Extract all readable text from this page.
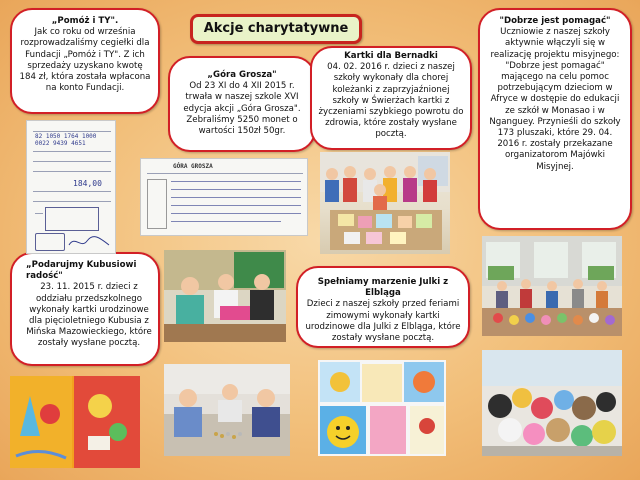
Akcje charytatywne
„Pomóż i TY".

Jak co roku od września rozprowadzaliśmy cegiełki dla Fundacji „Pomóż i TY". Z ich sprzedaży uzyskano kwotę 184 zł, która została wpłacona na konto Fundacji.

„Góra Grosza"

Od 23 XI do 4 XII 2015 r. trwała w naszej szkole XVI edycja akcji „Góra Grosza". Zebraliśmy 5250 monet o wartości 150zł 50gr.

Kartki dla Bernadki

04. 02. 2016 r. dzieci z naszej szkoły wykonały dla chorej koleżanki z zaprzyjaźnionej szkoły w Świerżach kartki z życzeniami szybkiego powrotu do zdrowia, które zostały wysłane pocztą.

"Dobrze jest pomagać"

Uczniowie z naszej szkoły aktywnie włączyli się w realizację projektu misyjnego: "Dobrze jest pomagać" mającego na celu pomoc potrzebującym dzieciom w Afryce w dostępie do edukacji ze szkół w Monasao i w Nganguey. Przynieśli do szkoły 173 pluszaki, które 29. 04. 2016 r. zostały przekazane organizatorom Majówki Misyjnej.

„Podarujmy Kubusiowi radość"

23. 11. 2015 r. dzieci z oddziału przedszkolnego wykonały kartki urodzinowe dla pięcioletniego Kubusia z Mińska Mazowieckiego, które zostały wysłane pocztą.

Spełniamy marzenie Julki z Elbląga

Dzieci z naszej szkoły przed feriami zimowymi wykonały kartki urodzinowe dla Julki z Elbląga, które zostały wysłane pocztą.

82 1050 1764 1000 0022 9439 4651
184,00
GÓRA GROSZA
